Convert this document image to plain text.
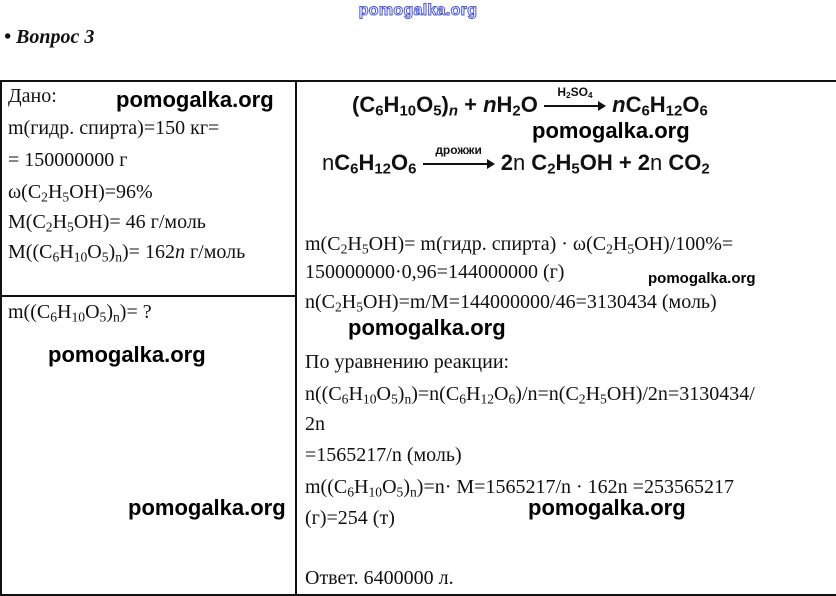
pomogalka.org
• Вопрос 3
Дано:
m(гидр. спирта)=150 кг=
= 150000000 г
$\omega(C_2H_5OH)=96\%$
$M(C_2H_5OH)= 46$ г/моль
$M((C_6H_{10}O_5)_n)= 162n$ г/моль
$m((C_6H_{10}O_5)_n)=$ ?
$(C_6H_{10}O_5)_n + nH_2O$	$H_2SO_4$ $nC_6H_{12}O_6$
$nC_6H_{12}O_6$
дрожжи 2n $C_2H_5OH + 2n$ $CO_2$
$m(C_2H_5OH)=$ m(гидр. спирта) · $\omega(C_2H_5OH)/100\%=$
150000000·0,96=144000000 (г)
$n(C_2H_5OH)=m/M=144000000/46=3130434$ (моль)
По уравнению реакции:
$n((C_6H_{10}O_5)_n)=n(C_6H_{12}O_6)/n=n(C_2H_5OH)/2n=3130434/$
2n
=1565217/n (моль)
$m((C_6H_{10}O_5)_n)=n\cdot M=1565217/n \cdot 162n =253565217$
(г)=254 (т)
Ответ. 6400000 л.
pomogalka.org
pomogalka.org
pomogalka.org
pomogalka.org
pomogalka.org
pomogalka.org	pomogalka.org
